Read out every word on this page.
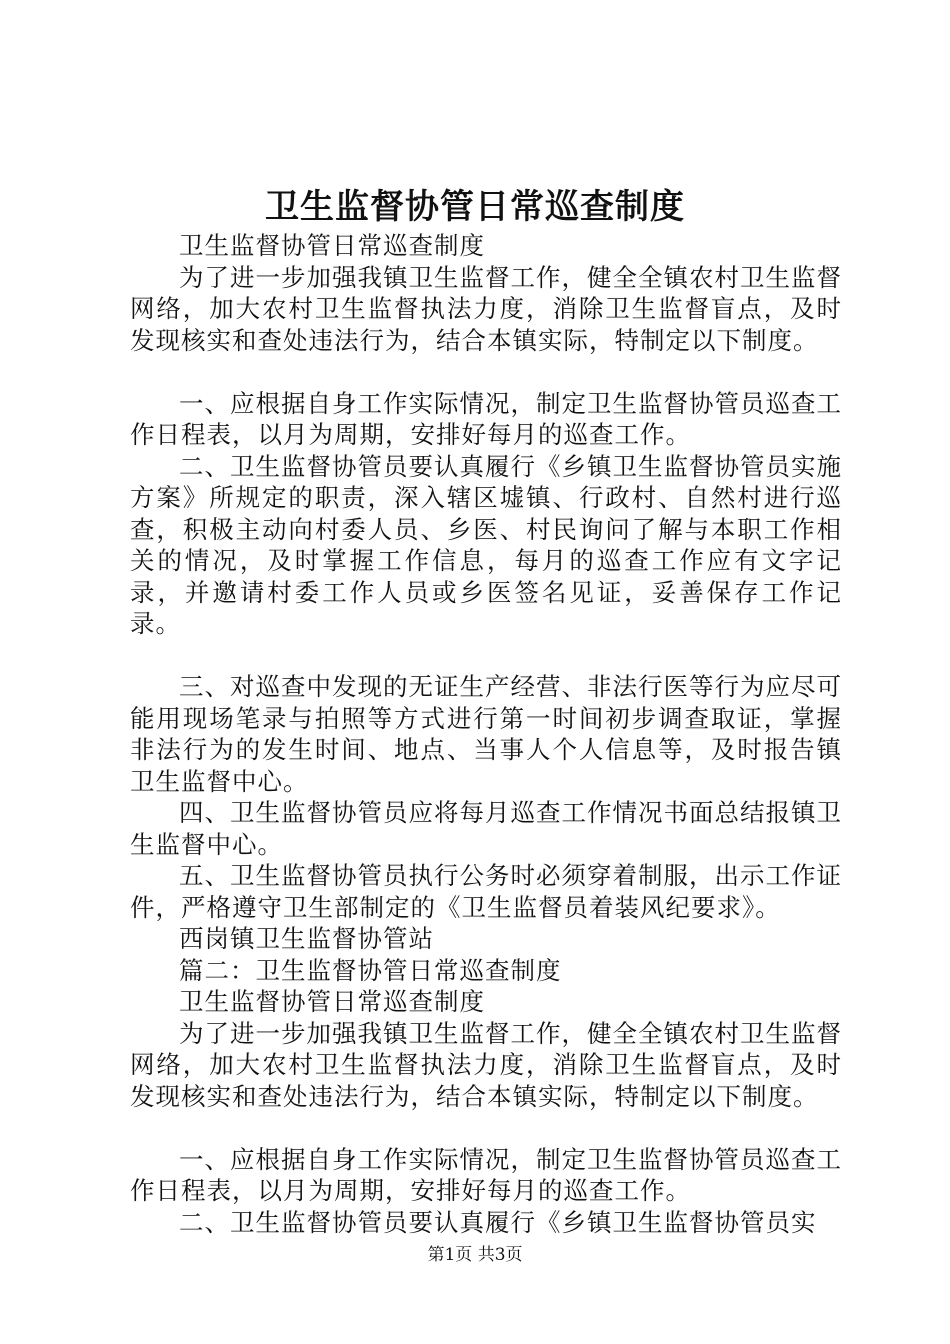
卫生监督协管日常巡查制度

卫生监督协管日常巡查制度

为了进一步加强我镇卫生监督工作，健全全镇农村卫生监督网络，加大农村卫生监督执法力度，消除卫生监督盲点，及时发现核实和查处违法行为，结合本镇实际，特制定以下制度。

一、应根据自身工作实际情况，制定卫生监督协管员巡查工作日程表，以月为周期，安排好每月的巡查工作。

二、卫生监督协管员要认真履行《乡镇卫生监督协管员实施方案》所规定的职责，深入辖区墟镇、行政村、自然村进行巡查，积极主动向村委人员、乡医、村民询问了解与本职工作相关的情况，及时掌握工作信息，每月的巡查工作应有文字记录，并邀请村委工作人员或乡医签名见证，妥善保存工作记录。

三、对巡查中发现的无证生产经营、非法行医等行为应尽可能用现场笔录与拍照等方式进行第一时间初步调查取证，掌握非法行为的发生时间、地点、当事人个人信息等，及时报告镇卫生监督中心。

四、卫生监督协管员应将每月巡查工作情况书面总结报镇卫生监督中心。

五、卫生监督协管员执行公务时必须穿着制服，出示工作证件，严格遵守卫生部制定的《卫生监督员着装风纪要求》。

西岗镇卫生监督协管站

篇二：卫生监督协管日常巡查制度

卫生监督协管日常巡查制度

为了进一步加强我镇卫生监督工作，健全全镇农村卫生监督网络，加大农村卫生监督执法力度，消除卫生监督盲点，及时发现核实和查处违法行为，结合本镇实际，特制定以下制度。

一、应根据自身工作实际情况，制定卫生监督协管员巡查工作日程表，以月为周期，安排好每月的巡查工作。

二、卫生监督协管员要认真履行《乡镇卫生监督协管员实

第1页 共3页
